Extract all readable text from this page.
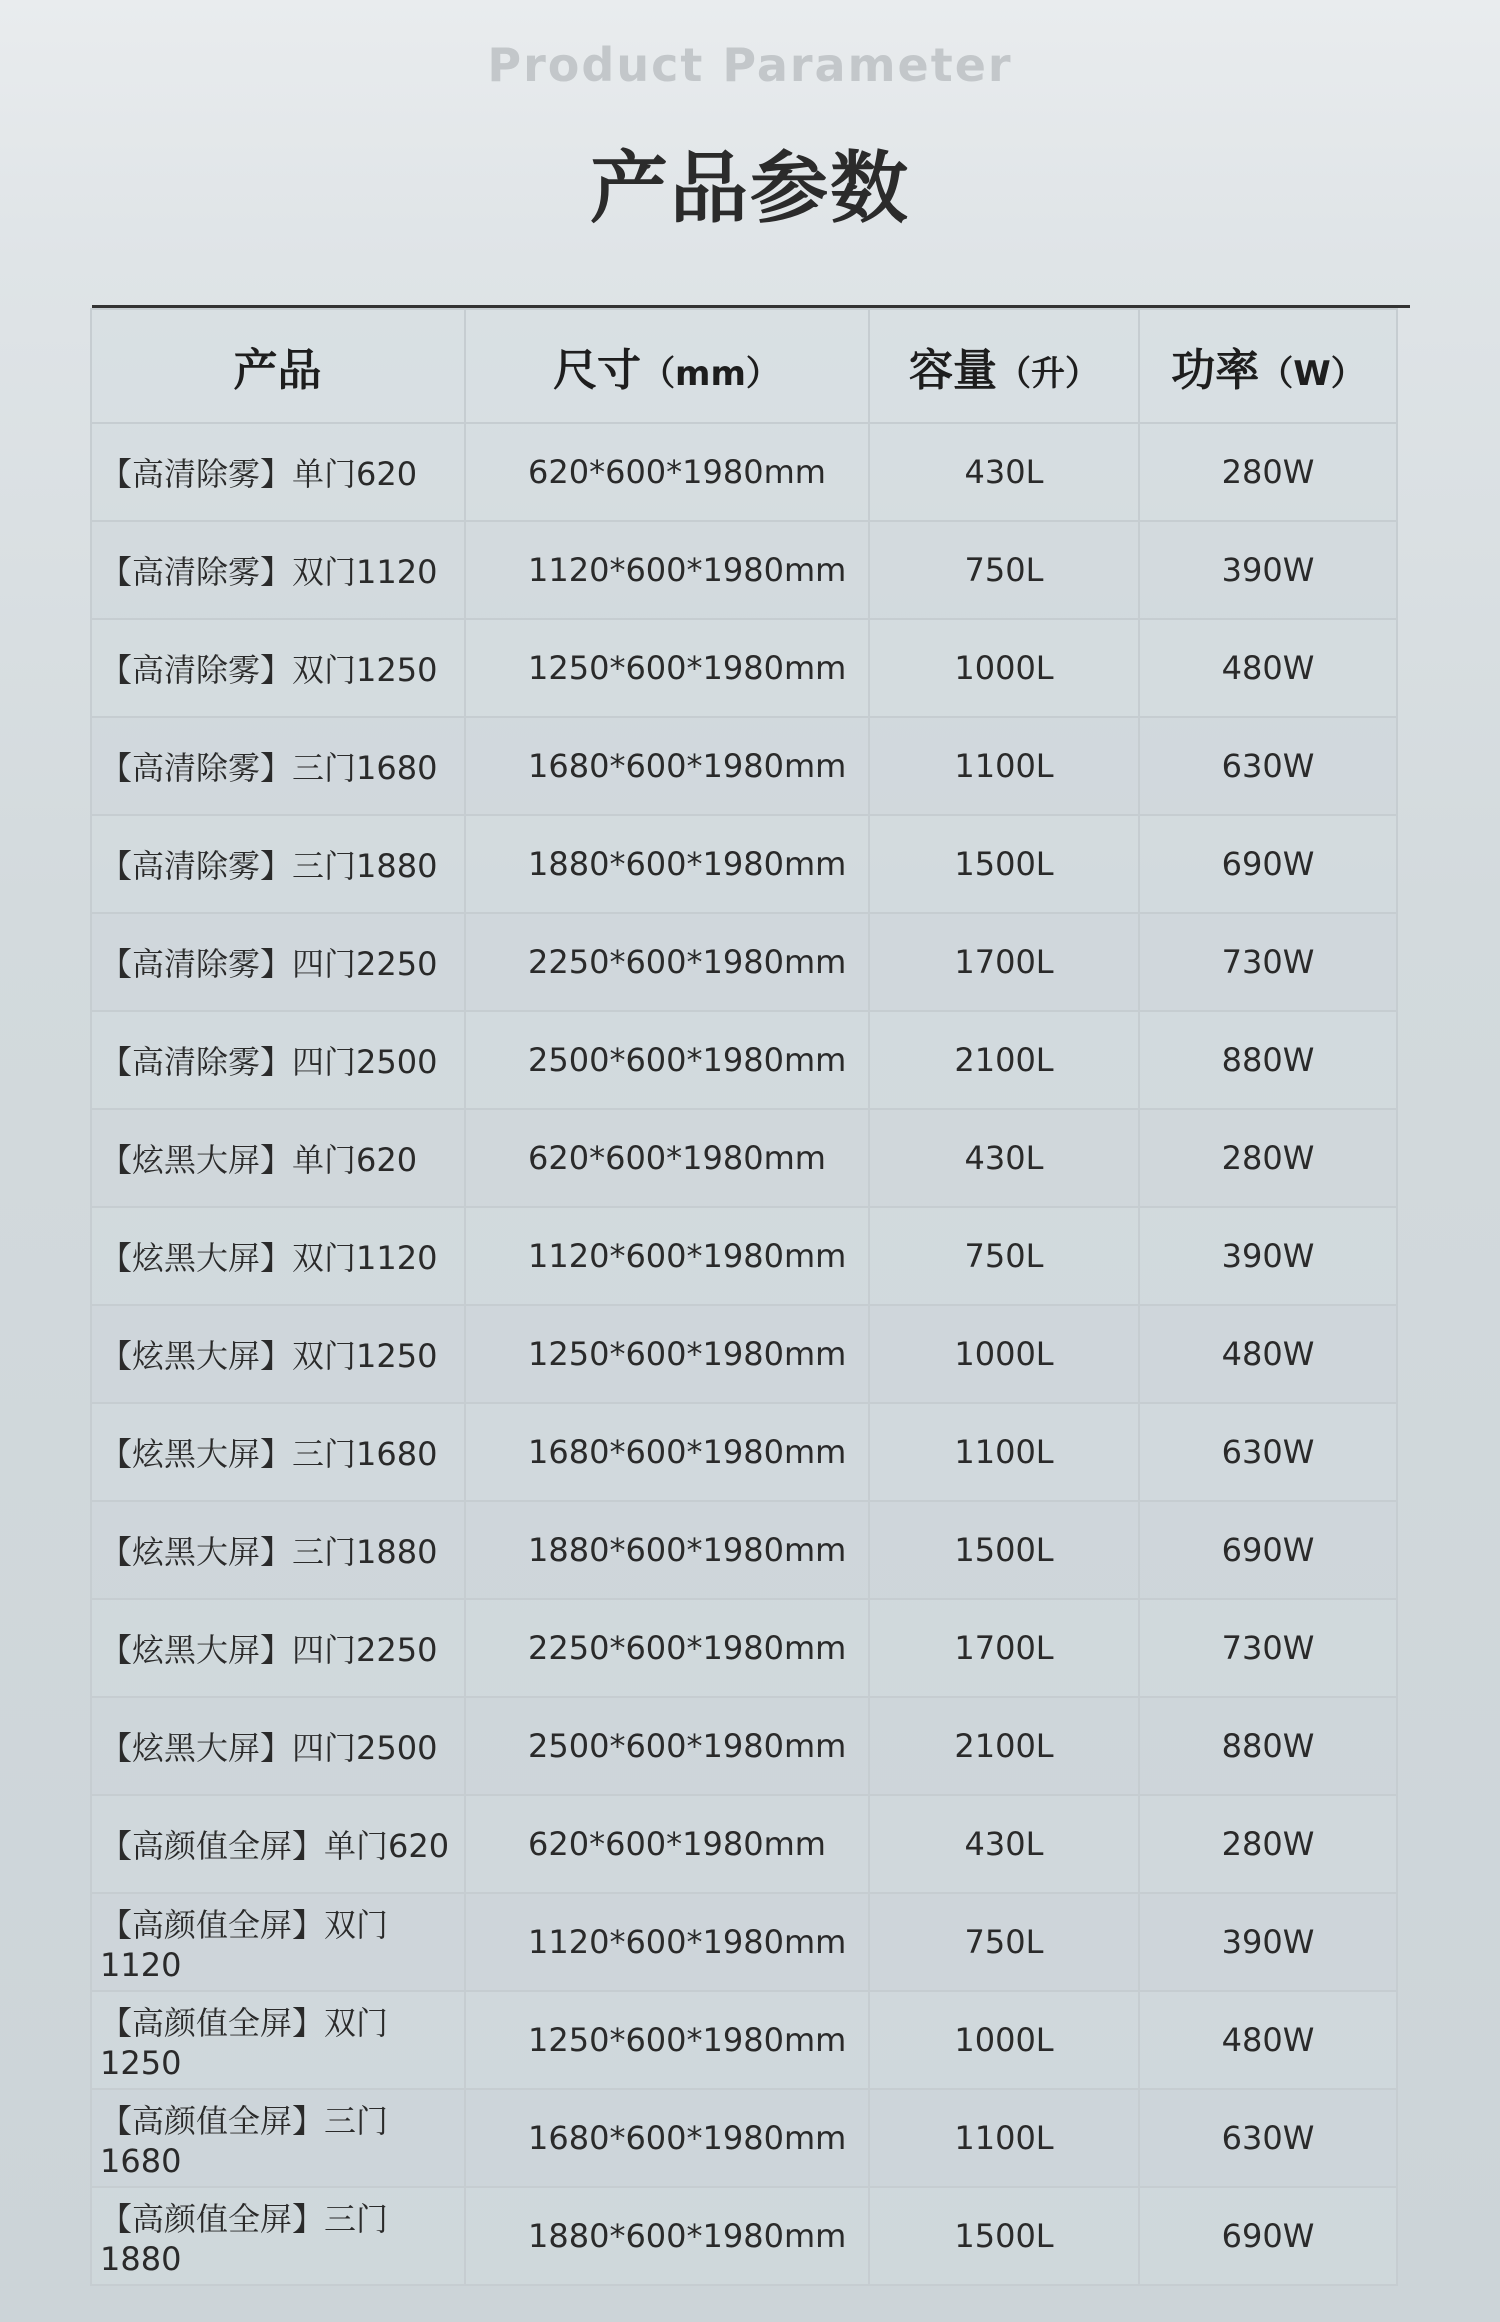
Product Parameter
产品参数
产品	尺寸（mm）	容量（升）	功率（W）
【高清除雾】单门620	620*600*1980mm	430L	280W
【高清除雾】双门1120	1120*600*1980mm	750L	390W
【高清除雾】双门1250	1250*600*1980mm	1000L	480W
【高清除雾】三门1680	1680*600*1980mm	1100L	630W
【高清除雾】三门1880	1880*600*1980mm	1500L	690W
【高清除雾】四门2250	2250*600*1980mm	1700L	730W
【高清除雾】四门2500	2500*600*1980mm	2100L	880W
【炫黑大屏】单门620	620*600*1980mm	430L	280W
【炫黑大屏】双门1120	1120*600*1980mm	750L	390W
【炫黑大屏】双门1250	1250*600*1980mm	1000L	480W
【炫黑大屏】三门1680	1680*600*1980mm	1100L	630W
【炫黑大屏】三门1880	1880*600*1980mm	1500L	690W
【炫黑大屏】四门2250	2250*600*1980mm	1700L	730W
【炫黑大屏】四门2500	2500*600*1980mm	2100L	880W
【高颜值全屏】单门620	620*600*1980mm	430L	280W
【高颜值全屏】双门1120	1120*600*1980mm	750L	390W
【高颜值全屏】双门1250	1250*600*1980mm	1000L	480W
【高颜值全屏】三门1680	1680*600*1980mm	1100L	630W
【高颜值全屏】三门1880	1880*600*1980mm	1500L	690W
